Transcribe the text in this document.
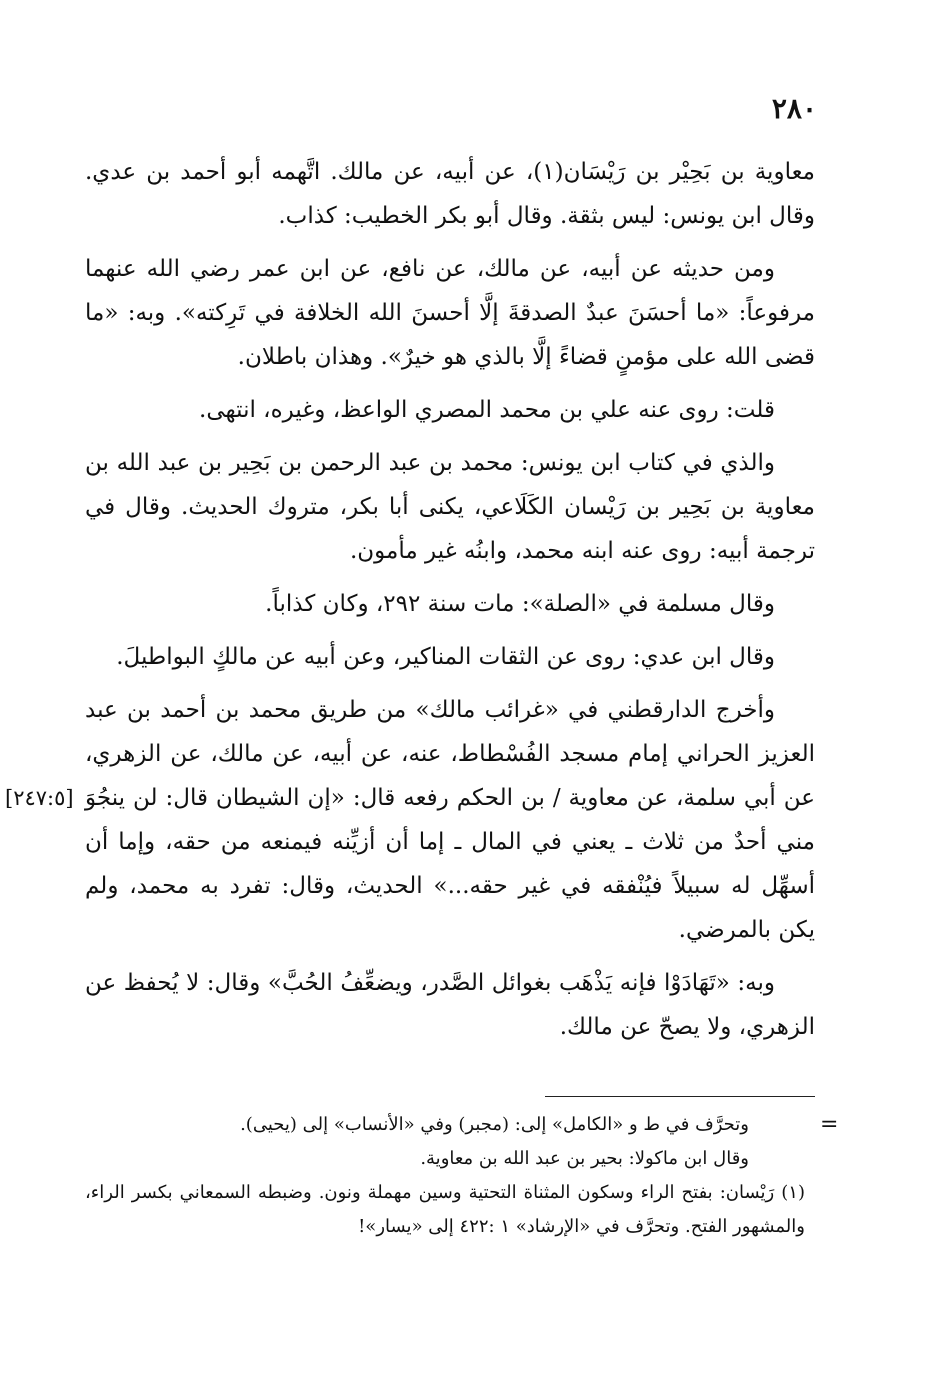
٢٨٠

معاوية بن بَحِيْر بن رَيْسَان(١)، عن أبيه، عن مالك. اتَّهمه أبو أحمد بن عدي. وقال ابن يونس: ليس بثقة. وقال أبو بكر الخطيب: كذاب.

ومن حديثه عن أبيه، عن مالك، عن نافع، عن ابن عمر رضي الله عنهما مرفوعاً: «ما أحسَنَ عبدٌ الصدقةَ إلَّا أحسنَ الله الخلافة في تَرِكته». وبه: «ما قضى الله على مؤمنٍ قضاءً إلَّا بالذي هو خيرٌ». وهذان باطلان.

قلت: روى عنه علي بن محمد المصري الواعظ، وغيره، انتهى.

والذي في كتاب ابن يونس: محمد بن عبد الرحمن بن بَحِير بن عبد الله بن معاوية بن بَحِير بن رَيْسان الكَلَاعي، يكنى أبا بكر، متروك الحديث. وقال في ترجمة أبيه: روى عنه ابنه محمد، وابنُه غير مأمون.

وقال مسلمة في «الصلة»: مات سنة ٢٩٢، وكان كذاباً.

وقال ابن عدي: روى عن الثقات المناكير، وعن أبيه عن مالكٍ البواطيلَ.

[٢٤٧:٥]

وأخرج الدارقطني في «غرائب مالك» من طريق محمد بن أحمد بن عبد العزيز الحراني إمام مسجد الفُسْطاط، عنه، عن أبيه، عن مالك، عن الزهري، عن أبي سلمة، عن معاوية / بن الحكم رفعه قال: «إن الشيطان قال: لن ينجُوَ مني أحدٌ من ثلاث ـ يعني في المال ـ إما أن أزيِّنه فيمنعه من حقه، وإما أن أسهِّل له سبيلاً فيُنْفقه في غير حقه...» الحديث، وقال: تفرد به محمد، ولم يكن بالمرضي.

وبه: «تَهَادَوْا فإنه يَذْهَب بغوائل الصَّدر، ويضعِّفُ الحُبَّ» وقال: لا يُحفظ عن الزهري، ولا يصحّ عن مالك.

=

وتحرَّف في ط و «الكامل» إلى: (مجبر) وفي «الأنساب» إلى (يحيى).

وقال ابن ماكولا: بحير بن عبد الله بن معاوية.

(١) رَيْسان: بفتح الراء وسكون المثناة التحتية وسين مهملة ونون. وضبطه السمعاني بكسر الراء، والمشهور الفتح. وتحرَّف في «الإرشاد» ١ :٤٢٢ إلى «يسار»!
